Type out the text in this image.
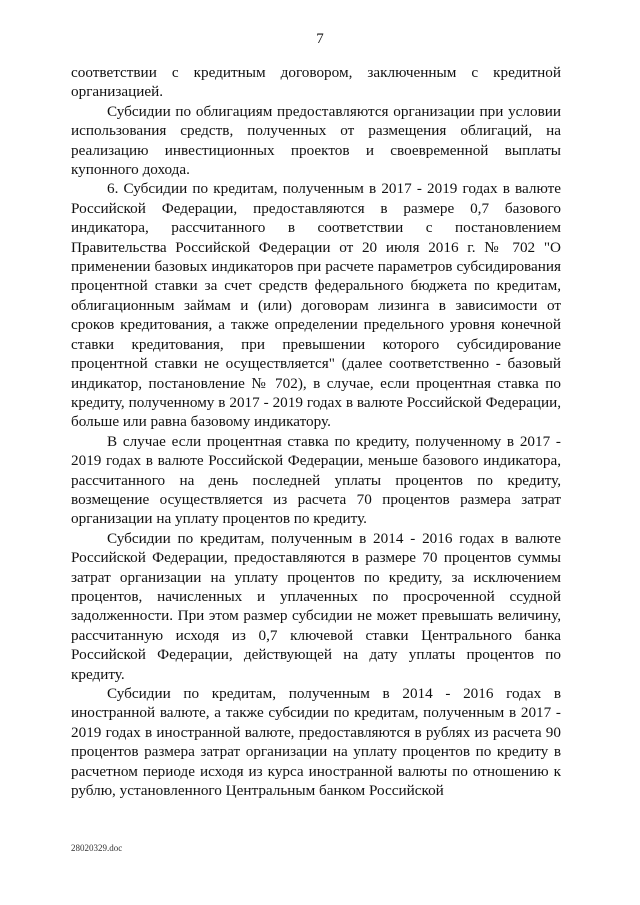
7

соответствии с кредитным договором, заключенным с кредитной организацией.

Субсидии по облигациям предоставляются организации при условии использования средств, полученных от размещения облигаций, на реализацию инвестиционных проектов и своевременной выплаты купонного дохода.

6. Субсидии по кредитам, полученным в 2017 - 2019 годах в валюте Российской Федерации, предоставляются в размере 0,7 базового индикатора, рассчитанного в соответствии с постановлением Правительства Российской Федерации от 20 июля 2016 г. № 702 "О применении базовых индикаторов при расчете параметров субсидирования процентной ставки за счет средств федерального бюджета по кредитам, облигационным займам и (или) договорам лизинга в зависимости от сроков кредитования, а также определении предельного уровня конечной ставки кредитования, при превышении которого субсидирование процентной ставки не осуществляется" (далее соответственно - базовый индикатор, постановление № 702), в случае, если процентная ставка по кредиту, полученному в 2017 - 2019 годах в валюте Российской Федерации, больше или равна базовому индикатору.

В случае если процентная ставка по кредиту, полученному в 2017 - 2019 годах в валюте Российской Федерации, меньше базового индикатора, рассчитанного на день последней уплаты процентов по кредиту, возмещение осуществляется из расчета 70 процентов размера затрат организации на уплату процентов по кредиту.

Субсидии по кредитам, полученным в 2014 - 2016 годах в валюте Российской Федерации, предоставляются в размере 70 процентов суммы затрат организации на уплату процентов по кредиту, за исключением процентов, начисленных и уплаченных по просроченной ссудной задолженности. При этом размер субсидии не может превышать величину, рассчитанную исходя из 0,7 ключевой ставки Центрального банка Российской Федерации, действующей на дату уплаты процентов по кредиту.

Субсидии по кредитам, полученным в 2014 - 2016 годах в иностранной валюте, а также субсидии по кредитам, полученным в 2017 - 2019 годах в иностранной валюте, предоставляются в рублях из расчета 90 процентов размера затрат организации на уплату процентов по кредиту в расчетном периоде исходя из курса иностранной валюты по отношению к рублю, установленного Центральным банком Российской

28020329.doc
